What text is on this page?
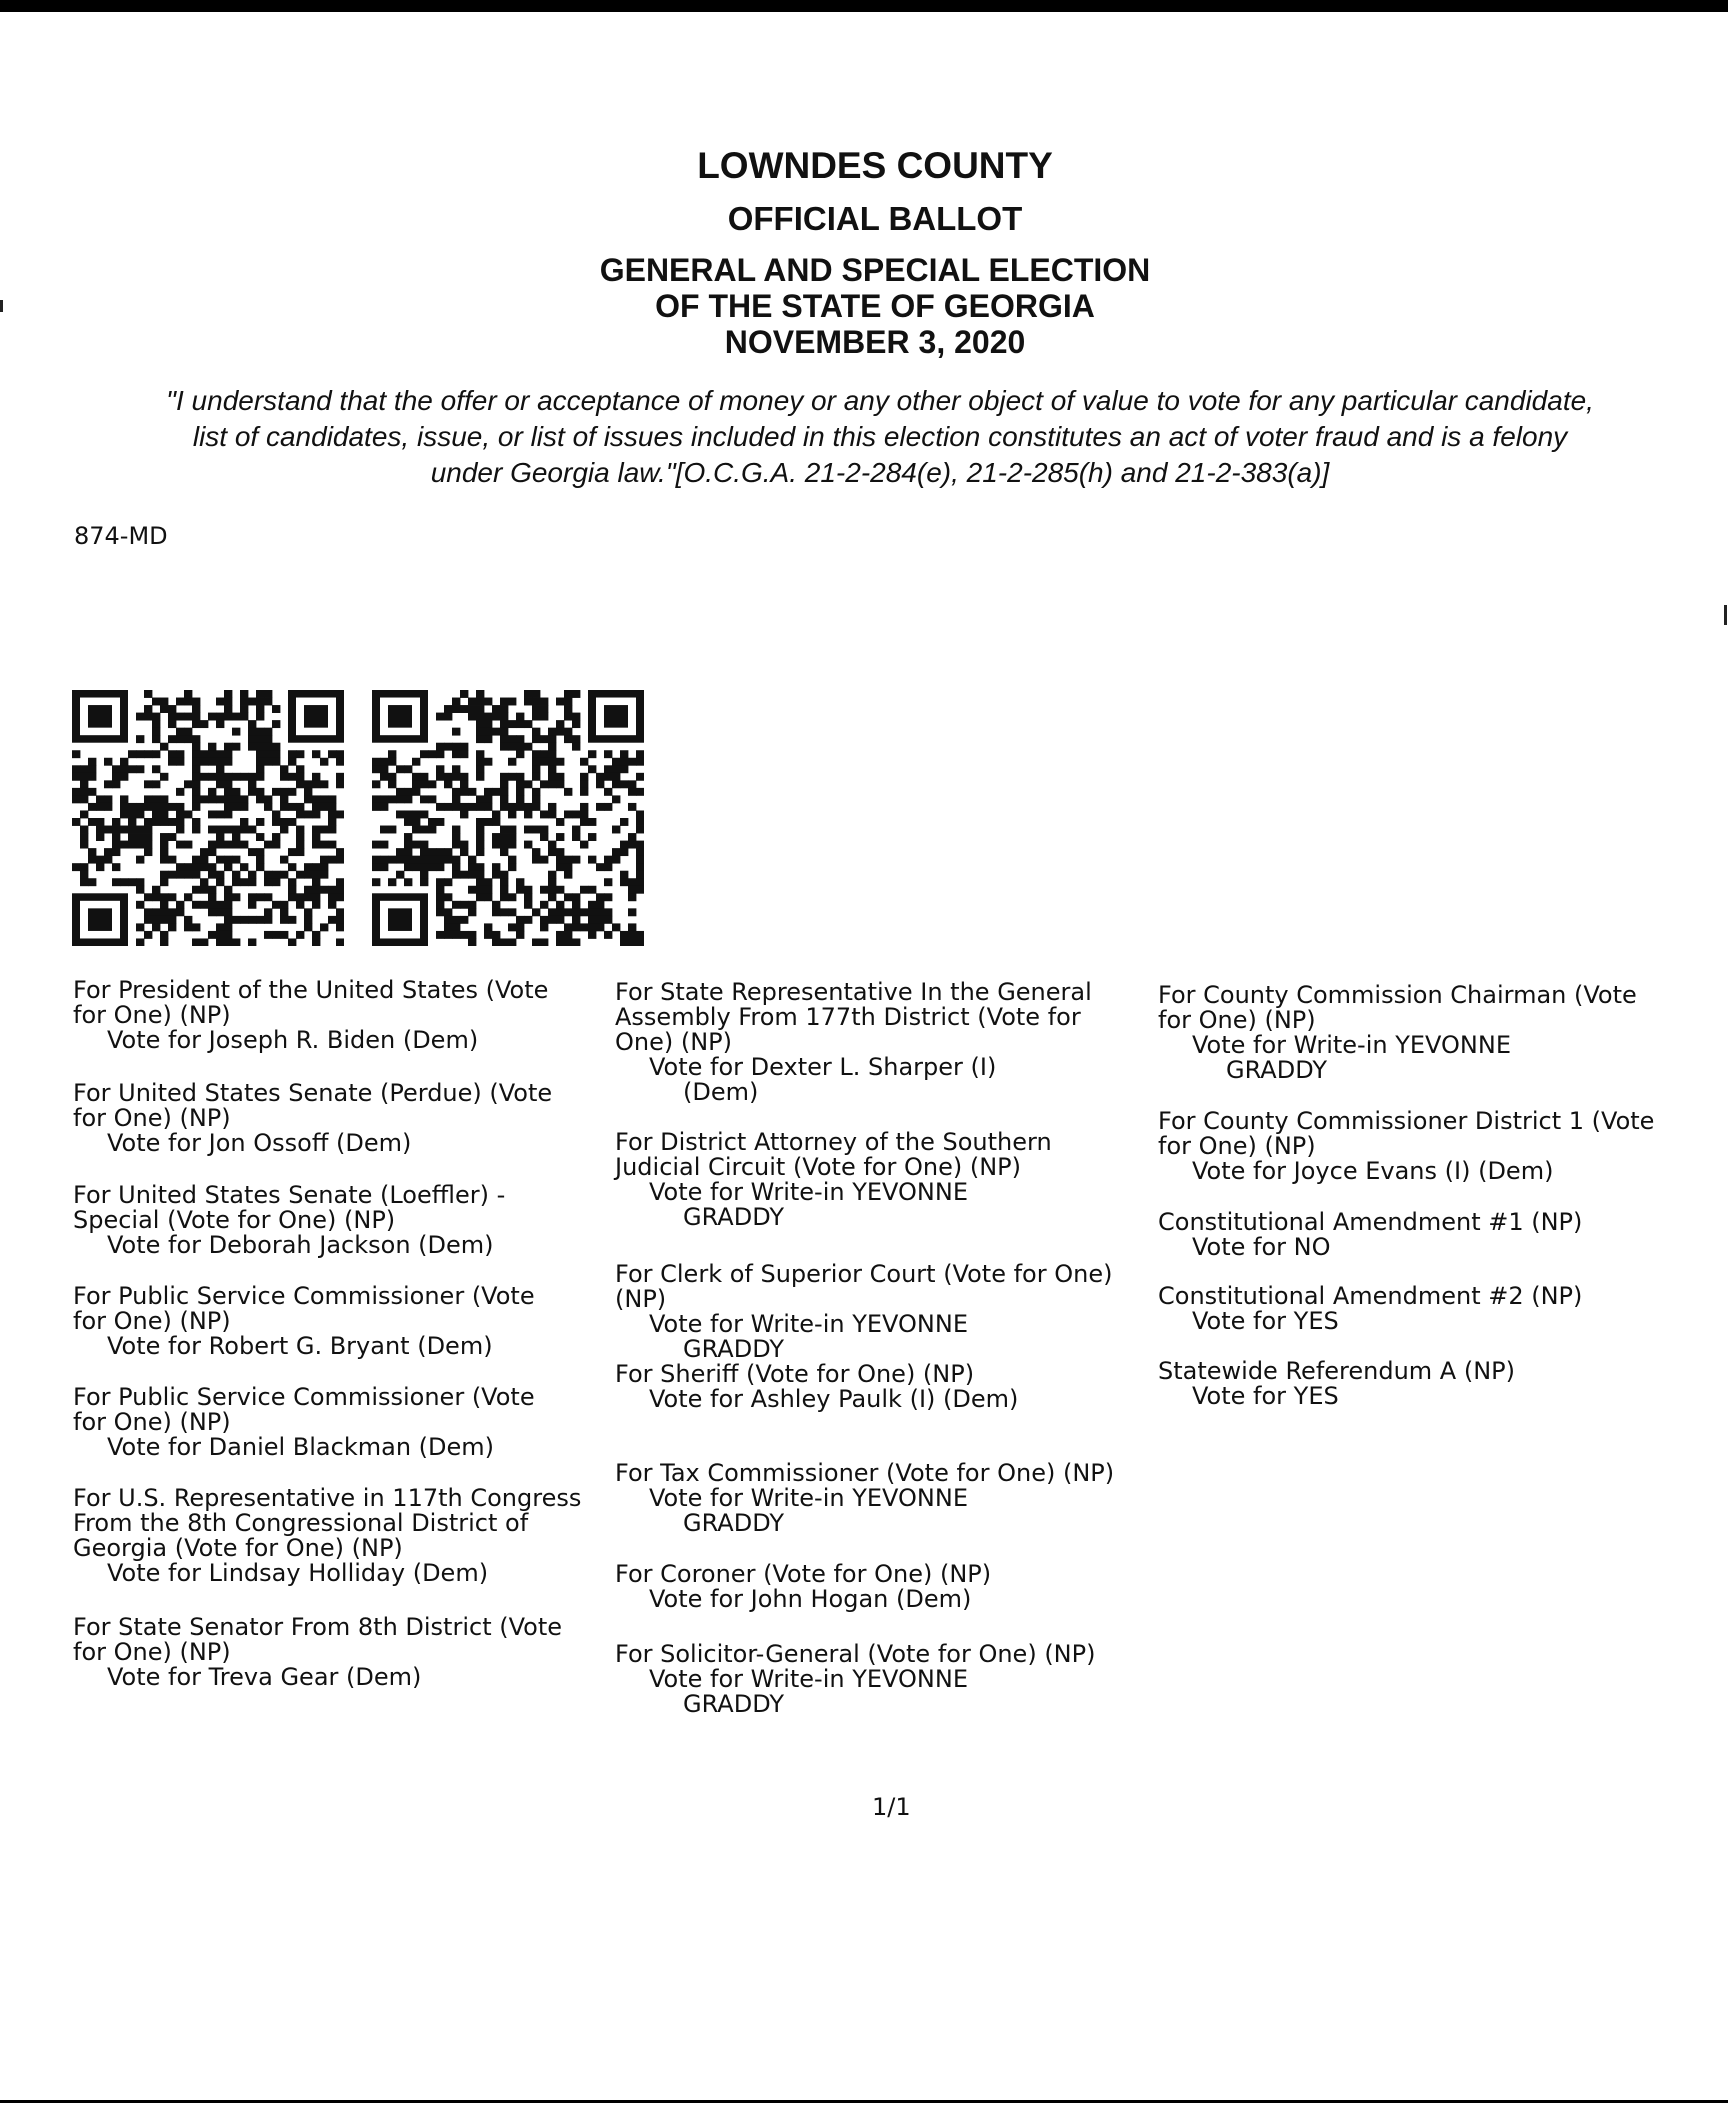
LOWNDES COUNTY
OFFICIAL BALLOT
GENERAL AND SPECIAL ELECTION
OF THE STATE OF GEORGIA
NOVEMBER 3, 2020
"I understand that the offer or acceptance of money or any other object of value to vote for any particular candidate,
list of candidates, issue, or list of issues included in this election constitutes an act of voter fraud and is a felony
under Georgia law."[O.C.G.A. 21-2-284(e), 21-2-285(h) and 21-2-383(a)]
874-MD
For President of the United States (Vote
for One) (NP)
Vote for Joseph R. Biden (Dem)
For United States Senate (Perdue) (Vote
for One) (NP)
Vote for Jon Ossoff (Dem)
For United States Senate (Loeffler) -
Special (Vote for One) (NP)
Vote for Deborah Jackson (Dem)
For Public Service Commissioner (Vote
for One) (NP)
Vote for Robert G. Bryant (Dem)
For Public Service Commissioner (Vote
for One) (NP)
Vote for Daniel Blackman (Dem)
For U.S. Representative in 117th Congress
From the 8th Congressional District of
Georgia (Vote for One) (NP)
Vote for Lindsay Holliday (Dem)
For State Senator From 8th District (Vote
for One) (NP)
Vote for Treva Gear (Dem)
For State Representative In the General
Assembly From 177th District (Vote for
One) (NP)
Vote for Dexter L. Sharper (I)
(Dem)
For District Attorney of the Southern
Judicial Circuit (Vote for One) (NP)
Vote for Write-in YEVONNE
GRADDY
For Clerk of Superior Court (Vote for One)
(NP)
Vote for Write-in YEVONNE
GRADDY
For Sheriff (Vote for One) (NP)
Vote for Ashley Paulk (I) (Dem)
For Tax Commissioner (Vote for One) (NP)
Vote for Write-in YEVONNE
GRADDY
For Coroner (Vote for One) (NP)
Vote for John Hogan (Dem)
For Solicitor-General (Vote for One) (NP)
Vote for Write-in YEVONNE
GRADDY
For County Commission Chairman (Vote
for One) (NP)
Vote for Write-in YEVONNE
GRADDY
For County Commissioner District 1 (Vote
for One) (NP)
Vote for Joyce Evans (I) (Dem)
Constitutional Amendment #1 (NP)
Vote for NO
Constitutional Amendment #2 (NP)
Vote for YES
Statewide Referendum A (NP)
Vote for YES
1/1
